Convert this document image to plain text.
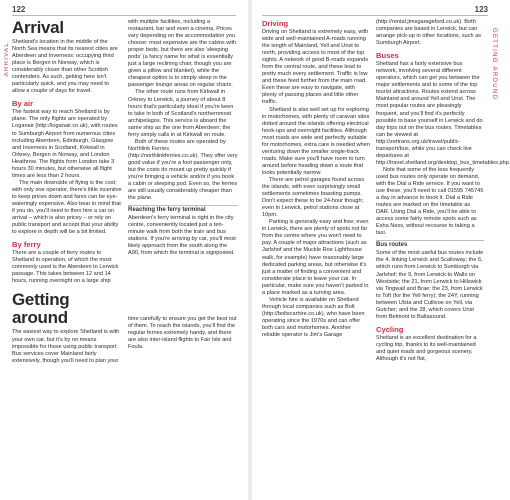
122
ARRIVAL
Arrival

Shetland's location in the middle of the North Sea means that its nearest cities are Aberdeen and Inverness: occupying third place is Bergen in Norway, which is considerably closer than other Scottish contenders. As such, getting here isn't particularly quick, and you may need to allow a couple of days for travel.

By air

The fastest way to reach Shetland is by plane. The only flights are operated by Loganair (http://loganair.co.uk), with routes to Sumburgh Airport from numerous cities including Aberdeen, Edinburgh, Glasgow and Inverness in Scotland, Kirkwall in Orkney, Bergen in Norway, and London Heathrow. The flights from London take 3 hours 30 minutes, but otherwise all flight times are less than 2 hours.

The main downside of flying is the cost; with only one operator, there's little incentive to keep prices down and fares can be eye-wateringly expensive. Also bear in mind that if you do, you'll need to then hire a car on arrival – which is also pricey – or rely on public transport and accept that your ability to explore in depth will be a bit limited.

By ferry

There are a couple of ferry routes to Shetland in operation, of which the most commonly used is the Aberdeen to Lerwick passage. This takes between 12 and 14 hours, running overnight on a large ship

Getting around

The easiest way to explore Shetland is with your own car, but it's by no means impossible for those using public transport. Bus services cover Mainland fairly extensively, though you'll need to plan your

with multiple facilities, including a restaurant, bar and even a cinema. Prices vary depending on the accommodation you choose: most expensive are the cabins with proper beds, but there are also 'sleeping pods' (a fancy name for what is essentially just a large reclining chair, though you are given a pillow and blanket), while the cheapest option is to simply sleep in the passenger lounge areas on regular chairs.

The other route runs from Kirkwall in Orkney to Lerwick, a journey of about 8 hours that's particularly ideal if you're keen to take in both of Scotland's northernmost archipelagos. This service is aboard the same ship as the one from Aberdeen; the ferry simply calls in at Kirkwall en route.

Both of these routes are operated by Northlink Ferries (http://northlinkferries.co.uk). They offer very good value if you're a foot passenger only, but the costs do mount up pretty quickly if you're bringing a vehicle and/or if you book a cabin or sleeping pod. Even so, the ferries are still usually considerably cheaper than the plane.

Reaching the ferry terminal

Aberdeen's ferry terminal is right in the city centre, conveniently located just a ten-minute walk from both the train and bus stations. If you're arriving by car, you'll most likely approach from the south along the A90, from which the terminal is signposted.

time carefully to ensure you get the best out of them. To reach the islands, you'll find the regular ferries extremely handy, and there are also inter-island flights to Fair Isle and Foula.

123
GETTING AROUND
Driving

Driving on Shetland is extremely easy, with wide and well-maintained A-roads running the length of Mainland, Yell and Unst to north, providing access to most of the top sights. A network of good B-roads expands from the central route, and these lead to pretty much every settlement. Traffic is low and these feed further from the main road. Even these are easy to navigate, with plenty of passing places and little other traffic.

Shetland is also well set up for exploring in motorhomes, with plenty of caravan sites dotted around the islands offering electrical hook-ups and overnight facilities. Although most roads are wide and perfectly suitable for motorhomes, extra care is needed when venturing down the smaller single-track roads. Make sure you'll have room to turn around before heading down a route that looks potentially narrow.

There are petrol garages found across the islands, with even surprisingly small settlements sometimes boasting pumps. Don't expect these to be 24-hour though; even in Lerwick, petrol stations close at 10pm.

Parking is generally easy and free; even in Lerwick, there are plenty of spots not far from the centre where you won't need to pay. A couple of major attractions (such as Jarlshof and the Muckle Roe Lighthouse walk, for example) have reasonably large dedicated parking areas, but otherwise it's just a matter of finding a convenient and considerate place to leave your car. In particular, make sure you haven't parked in a place marked as a turning area.

Vehicle hire is available on Shetland through local companies such as Bolt (http://boltscarhire.co.uk), who have been operating since the 1970s and can offer both cars and motorhomes. Another reliable operator is Jim's Garage

(http://rental.jimsgarageford.co.uk). Both companies are based in Lerwick, but can arrange pick-up in other locations, such as Sumburgh Airport.

Buses

Shetland has a fairly extensive bus network, involving several different operators, which can get you between the major settlements and to some of the top tourist attractions. Routes extend across Mainland and around Yell and Unst. The most popular routes are pleasingly frequent, and you'll find it's perfectly possible to base yourself in Lerwick and do day trips out on the bus routes. Timetables can be viewed at http://zettrans.org.uk/travel/public-transport/bus, while you can check live departures at http://travel.shetland.org/desktop_bus_timetables.php.

Note that some of the less frequently used bus routes only operate on demand, with the Dial a Ride service. If you want to use these, you'll need to call 01595 745745 a day in advance to book it. Dial a Ride routes are marked on the timetable as DAR. Using Dial a Ride, you'll be able to access some fairly remote spots such as Esha Ness, without recourse to taking a taxi.

Bus routes

Some of the most useful bus routes include the 4, linking Lerwick and Scalloway; the 6, which runs from Lerwick to Sumburgh via Jarlshof; the 9, from Lerwick to Walls on Westside; the 21, from Lerwick to Hillswick via Tingwall and Brae; the 23, from Lerwick to Toft (for the Yell ferry); the 24Y, running between Ulsta and Cullivoe on Yell, via Gutcher; and the 28, which covers Unst from Belmont to Baltasound.

Cycling

Shetland is an excellent destination for a cycling trip, thanks to its well-maintained and quiet roads and gorgeous scenery. Although it's not flat,
